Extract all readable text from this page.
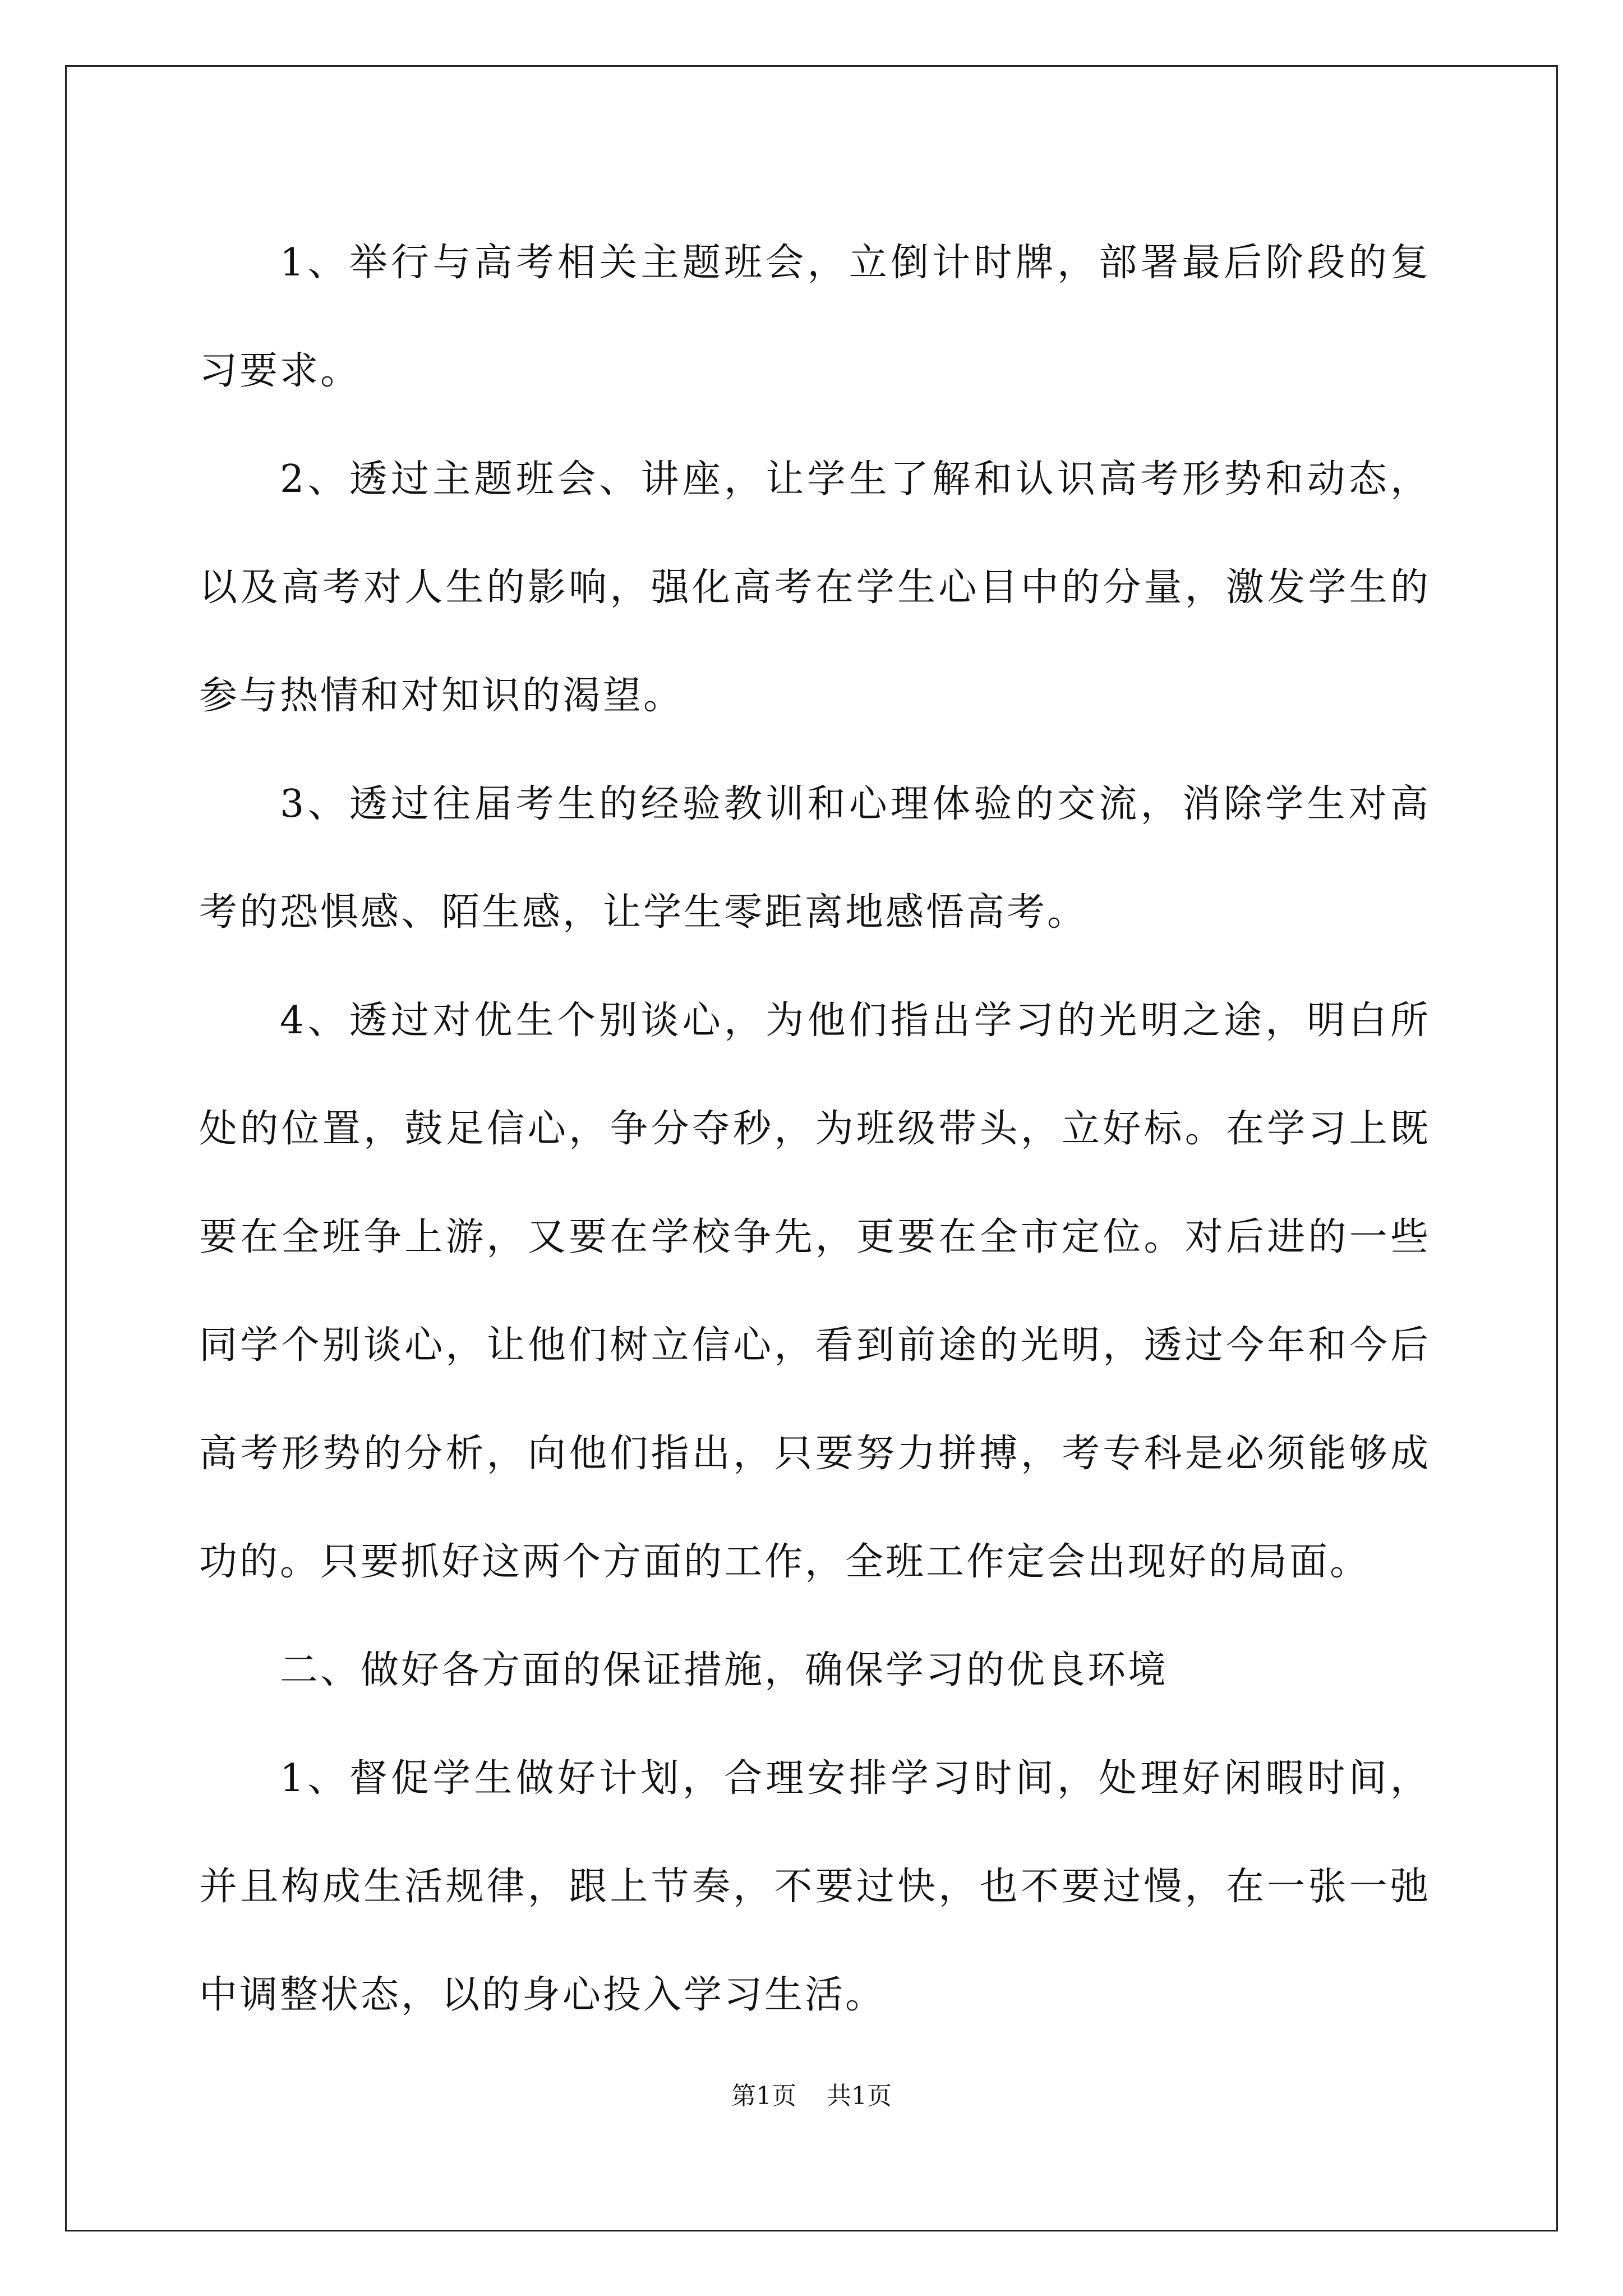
1、举行与高考相关主题班会，立倒计时牌，部署最后阶段的复习要求。

2、透过主题班会、讲座，让学生了解和认识高考形势和动态，以及高考对人生的影响，强化高考在学生心目中的分量，激发学生的参与热情和对知识的渴望。

3、透过往届考生的经验教训和心理体验的交流，消除学生对高考的恐惧感、陌生感，让学生零距离地感悟高考。

4、透过对优生个别谈心，为他们指出学习的光明之途，明白所处的位置，鼓足信心，争分夺秒，为班级带头，立好标。在学习上既要在全班争上游，又要在学校争先，更要在全市定位。对后进的一些同学个别谈心，让他们树立信心，看到前途的光明，透过今年和今后高考形势的分析，向他们指出，只要努力拼搏，考专科是必须能够成功的。只要抓好这两个方面的工作，全班工作定会出现好的局面。

二、做好各方面的保证措施，确保学习的优良环境

1、督促学生做好计划，合理安排学习时间，处理好闲暇时间，并且构成生活规律，跟上节奏，不要过快，也不要过慢，在一张一弛中调整状态，以的身心投入学习生活。

第1页 共1页
